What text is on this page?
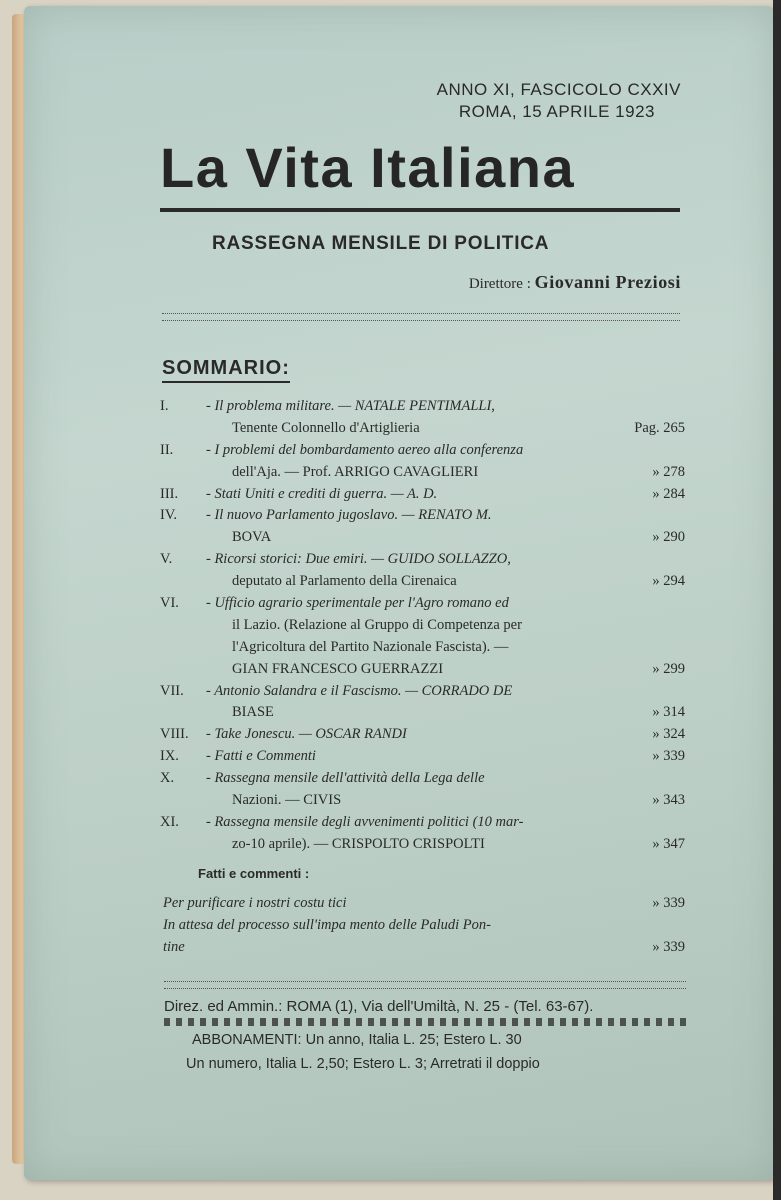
ANNO XI, FASCICOLO CXXIV
ROMA, 15 APRILE 1923
La Vita Italiana
RASSEGNA MENSILE DI POLITICA
Direttore : Giovanni Preziosi
SOMMARIO:
I.	- Il problema militare. — NATALE PENTIMALLI,
Tenente Colonnello d'Artiglieria	Pag. 265
II. - I problemi del bombardamento aereo alla conferenza
dell'Aja. — Prof. ARRIGO CAVAGLIERI	» 278
III. - Stati Uniti e crediti di guerra. — A. D.	» 284
IV. - Il nuovo Parlamento jugoslavo. — RENATO M.
BOVA	» 290
V. - Ricorsi storici: Due emiri. — GUIDO SOLLAZZO,
deputato al Parlamento della Cirenaica	» 294
VI. - Ufficio agrario sperimentale per l'Agro romano ed
il Lazio. (Relazione al Gruppo di Competenza per
l'Agricoltura del Partito Nazionale Fascista). —
GIAN FRANCESCO GUERRAZZI	» 299
VII. - Antonio Salandra e il Fascismo. — CORRADO DE
BIASE	» 314
VIII. - Take Jonescu. — OSCAR RANDI	» 324
IX. - Fatti e Commenti	» 339
X. - Rassegna mensile dell'attività della Lega delle
Nazioni. — CIVIS	» 343
XI. - Rassegna mensile degli avvenimenti politici (10 mar-
zo-10 aprile). — CRISPOLTO CRISPOLTI	» 347
Fatti e commenti :
Per purificare i nostri costu tici	» 339
In attesa del processo sull'impa mento delle Paludi Pon-
tine	» 339
Direz. ed Ammin.: ROMA (1), Via dell'Umiltà, N. 25 - (Tel. 63-67).
ABBONAMENTI: Un anno, Italia L. 25; Estero L. 30
Un numero, Italia L. 2,50; Estero L. 3; Arretrati il doppio
